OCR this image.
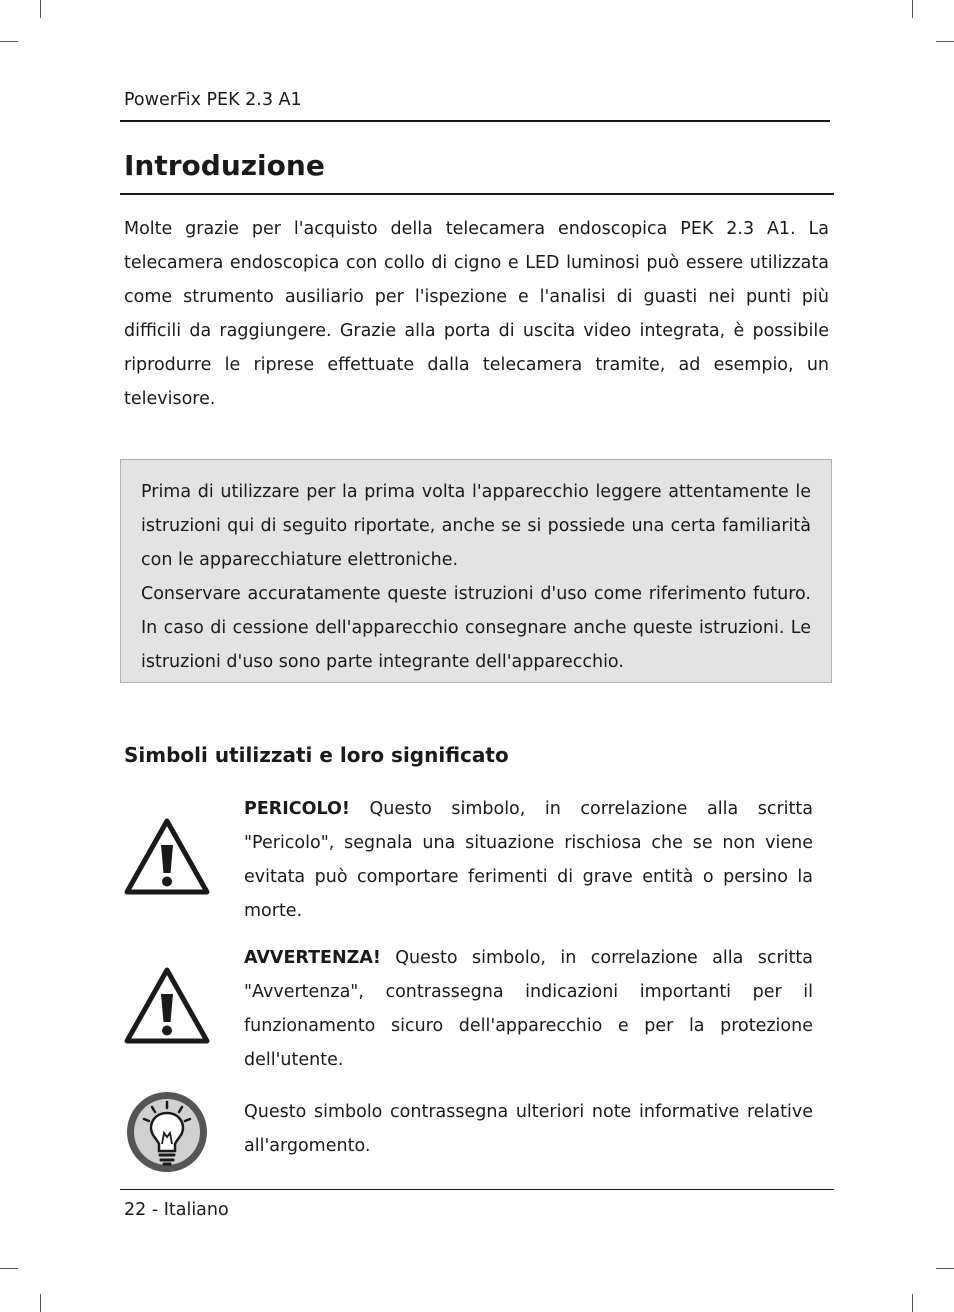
PowerFix PEK 2.3 A1
Introduzione

Molte grazie per l'acquisto della telecamera endoscopica PEK 2.3 A1. La telecamera endoscopica con collo di cigno e LED luminosi può essere utilizzata come strumento ausiliario per l'ispezione e l'analisi di guasti nei punti più difficili da raggiungere. Grazie alla porta di uscita video integrata, è possibile riprodurre le riprese effettuate dalla telecamera tramite, ad esempio, un televisore.

Prima di utilizzare per la prima volta l'apparecchio leggere attentamente le istruzioni qui di seguito riportate, anche se si possiede una certa familiarità con le apparecchiature elettroniche.

Conservare accuratamente queste istruzioni d'uso come riferimento futuro. In caso di cessione dell'apparecchio consegnare anche queste istruzioni. Le istruzioni d'uso sono parte integrante dell'apparecchio.

Simboli utilizzati e loro significato

PERICOLO! Questo simbolo, in correlazione alla scritta "Pericolo", segnala una situazione rischiosa che se non viene evitata può comportare ferimenti di grave entità o persino la morte.

AVVERTENZA! Questo simbolo, in correlazione alla scritta "Avvertenza", contrassegna indicazioni importanti per il funzionamento sicuro dell'apparecchio e per la protezione dell'utente.

Questo simbolo contrassegna ulteriori note informative relative all'argomento.

22 - Italiano
